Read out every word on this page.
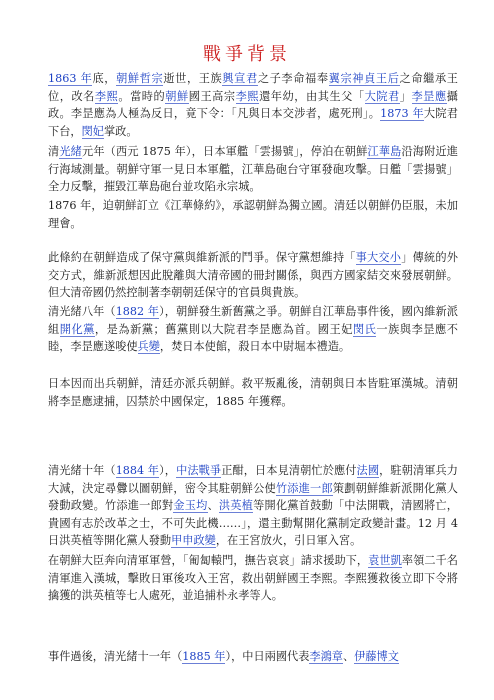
戰爭背景
1863 年底，朝鮮哲宗逝世，王族興宣君之子李命福奉翼宗神貞王后之命繼承王位，改名李熙。當時的朝鮮國王高宗李熙還年幼，由其生父「大院君」李昰應攝政。李昰應為人極為反日，竟下令：「凡與日本交涉者，處死刑」。1873 年大院君下台，閔妃掌政。
清光緒元年（西元 1875 年），日本軍艦「雲揚號」，停泊在朝鮮江華島沿海附近進行海域測量。朝鮮守軍一見日本軍艦，江華島砲台守軍發砲攻擊。日艦「雲揚號」全力反擊，摧毀江華島砲台並攻陷永宗城。
1876 年，迫朝鮮訂立《江華條約》，承認朝鮮為獨立國。清廷以朝鮮仍臣服，未加理會。
此條約在朝鮮造成了保守黨與維新派的鬥爭。保守黨想維持「事大交小」傳統的外交方式，維新派想因此脫離與大清帝國的冊封關係，與西方國家結交來發展朝鮮。但大清帝國仍然控制著李朝朝廷保守的官員與貴族。
清光緒八年（1882 年），朝鮮發生新舊黨之爭。朝鮮自江華島事件後，國內維新派組開化黨，是為新黨；舊黨則以大院君李昰應為首。國王妃閔氏一族與李昰應不睦，李昰應遂唆使兵變，焚日本使館，殺日本中尉堀本禮造。
日本因而出兵朝鮮，清廷亦派兵朝鮮。救平叛亂後，清朝與日本皆駐軍漢城。清朝將李昰應逮捕，囚禁於中國保定，1885 年獲釋。
清光緒十年（1884 年），中法戰爭正酣，日本見清朝忙於應付法國，駐朝清軍兵力大減，決定尋釁以圖朝鮮，密令其駐朝鮮公使竹添進一郎策劃朝鮮維新派開化黨人發動政變。竹添進一郎對金玉均、洪英植等開化黨首鼓動「中法開戰，清國將亡，貴國有志於改革之士，不可失此機……」，還主動幫開化黨制定政變計畫。12 月 4 日洪英植等開化黨人發動甲申政變，在王宮放火，引日軍入宮。
在朝鮮大臣奔向清軍軍營，「匍匐轅門，撫告哀哀」請求援助下，袁世凱率領二千名清軍進入漢城，擊敗日軍後攻入王宮，救出朝鮮國王李熙。李熙獲救後立即下令將擒獲的洪英植等七人處死，並追捕朴永孝等人。
事件過後，清光緒十一年（1885 年），中日兩國代表李鴻章、伊藤博文
